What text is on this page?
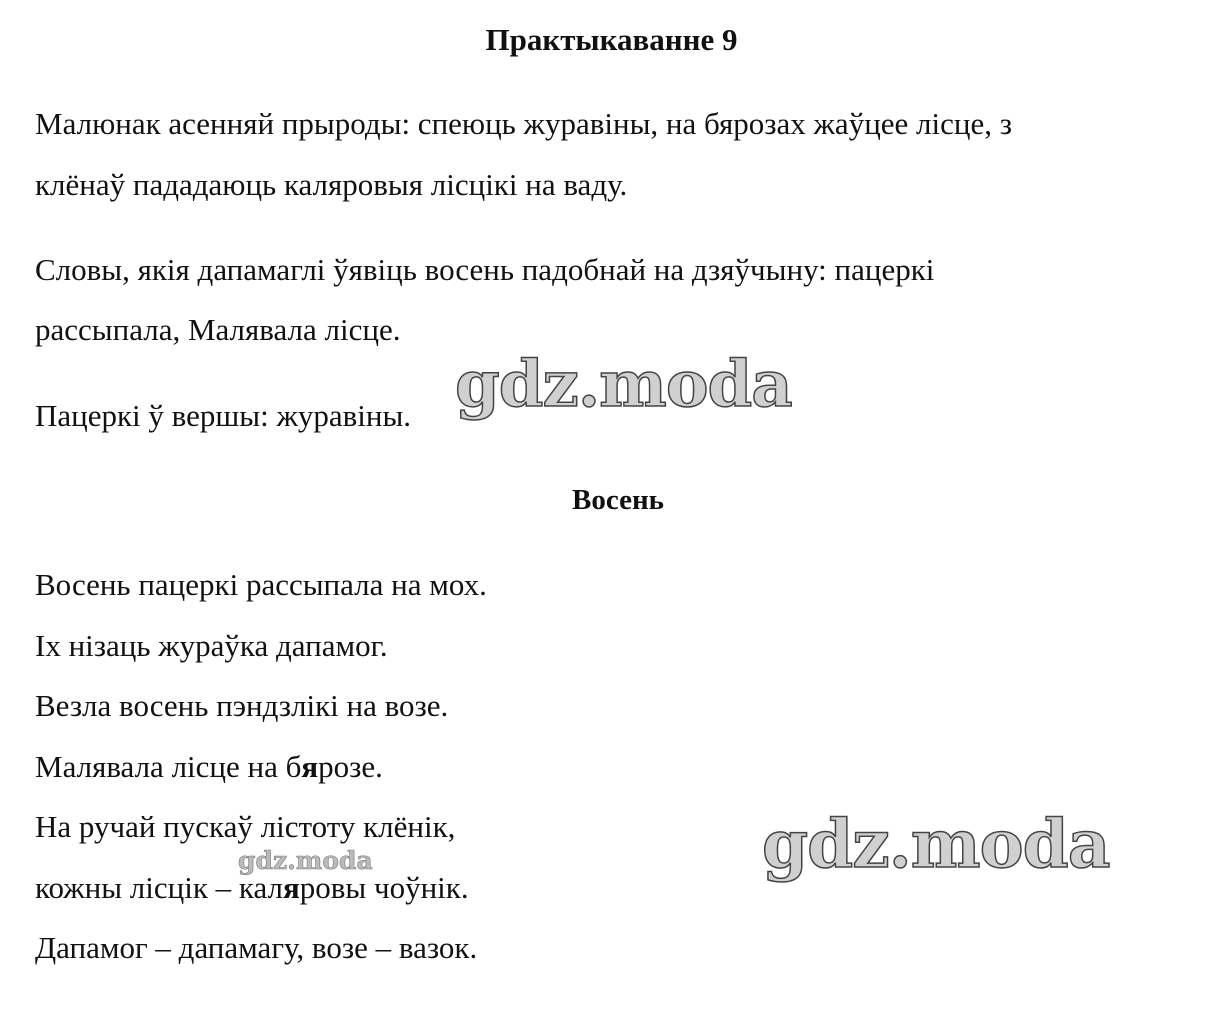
Практыкаванне 9

Малюнак асенняй прыроды: спеюць журавіны, на бярозах жаўцее лісце, з
клёнаў пададаюць каляровыя лісцікі на ваду.

Словы, якія дапамаглі ўявіць восень падобнай на дзяўчыну: пацеркі
рассыпала, Малявала лісце.

Пацеркі ў вершы: журавіны.

Восень
Восень пацеркі рассыпала на мох.
Іх нізаць жураўка дапамог.
Везла восень пэндзлікі на возе.
Малявала лісце на бярозе.
На ручай пускаў лістоту клёнік,
кожны лісцік – каляровы чоўнік.
Дапамог – дапамагу, возе – вазок.
gdz.moda
gdz.moda
gdz.moda
